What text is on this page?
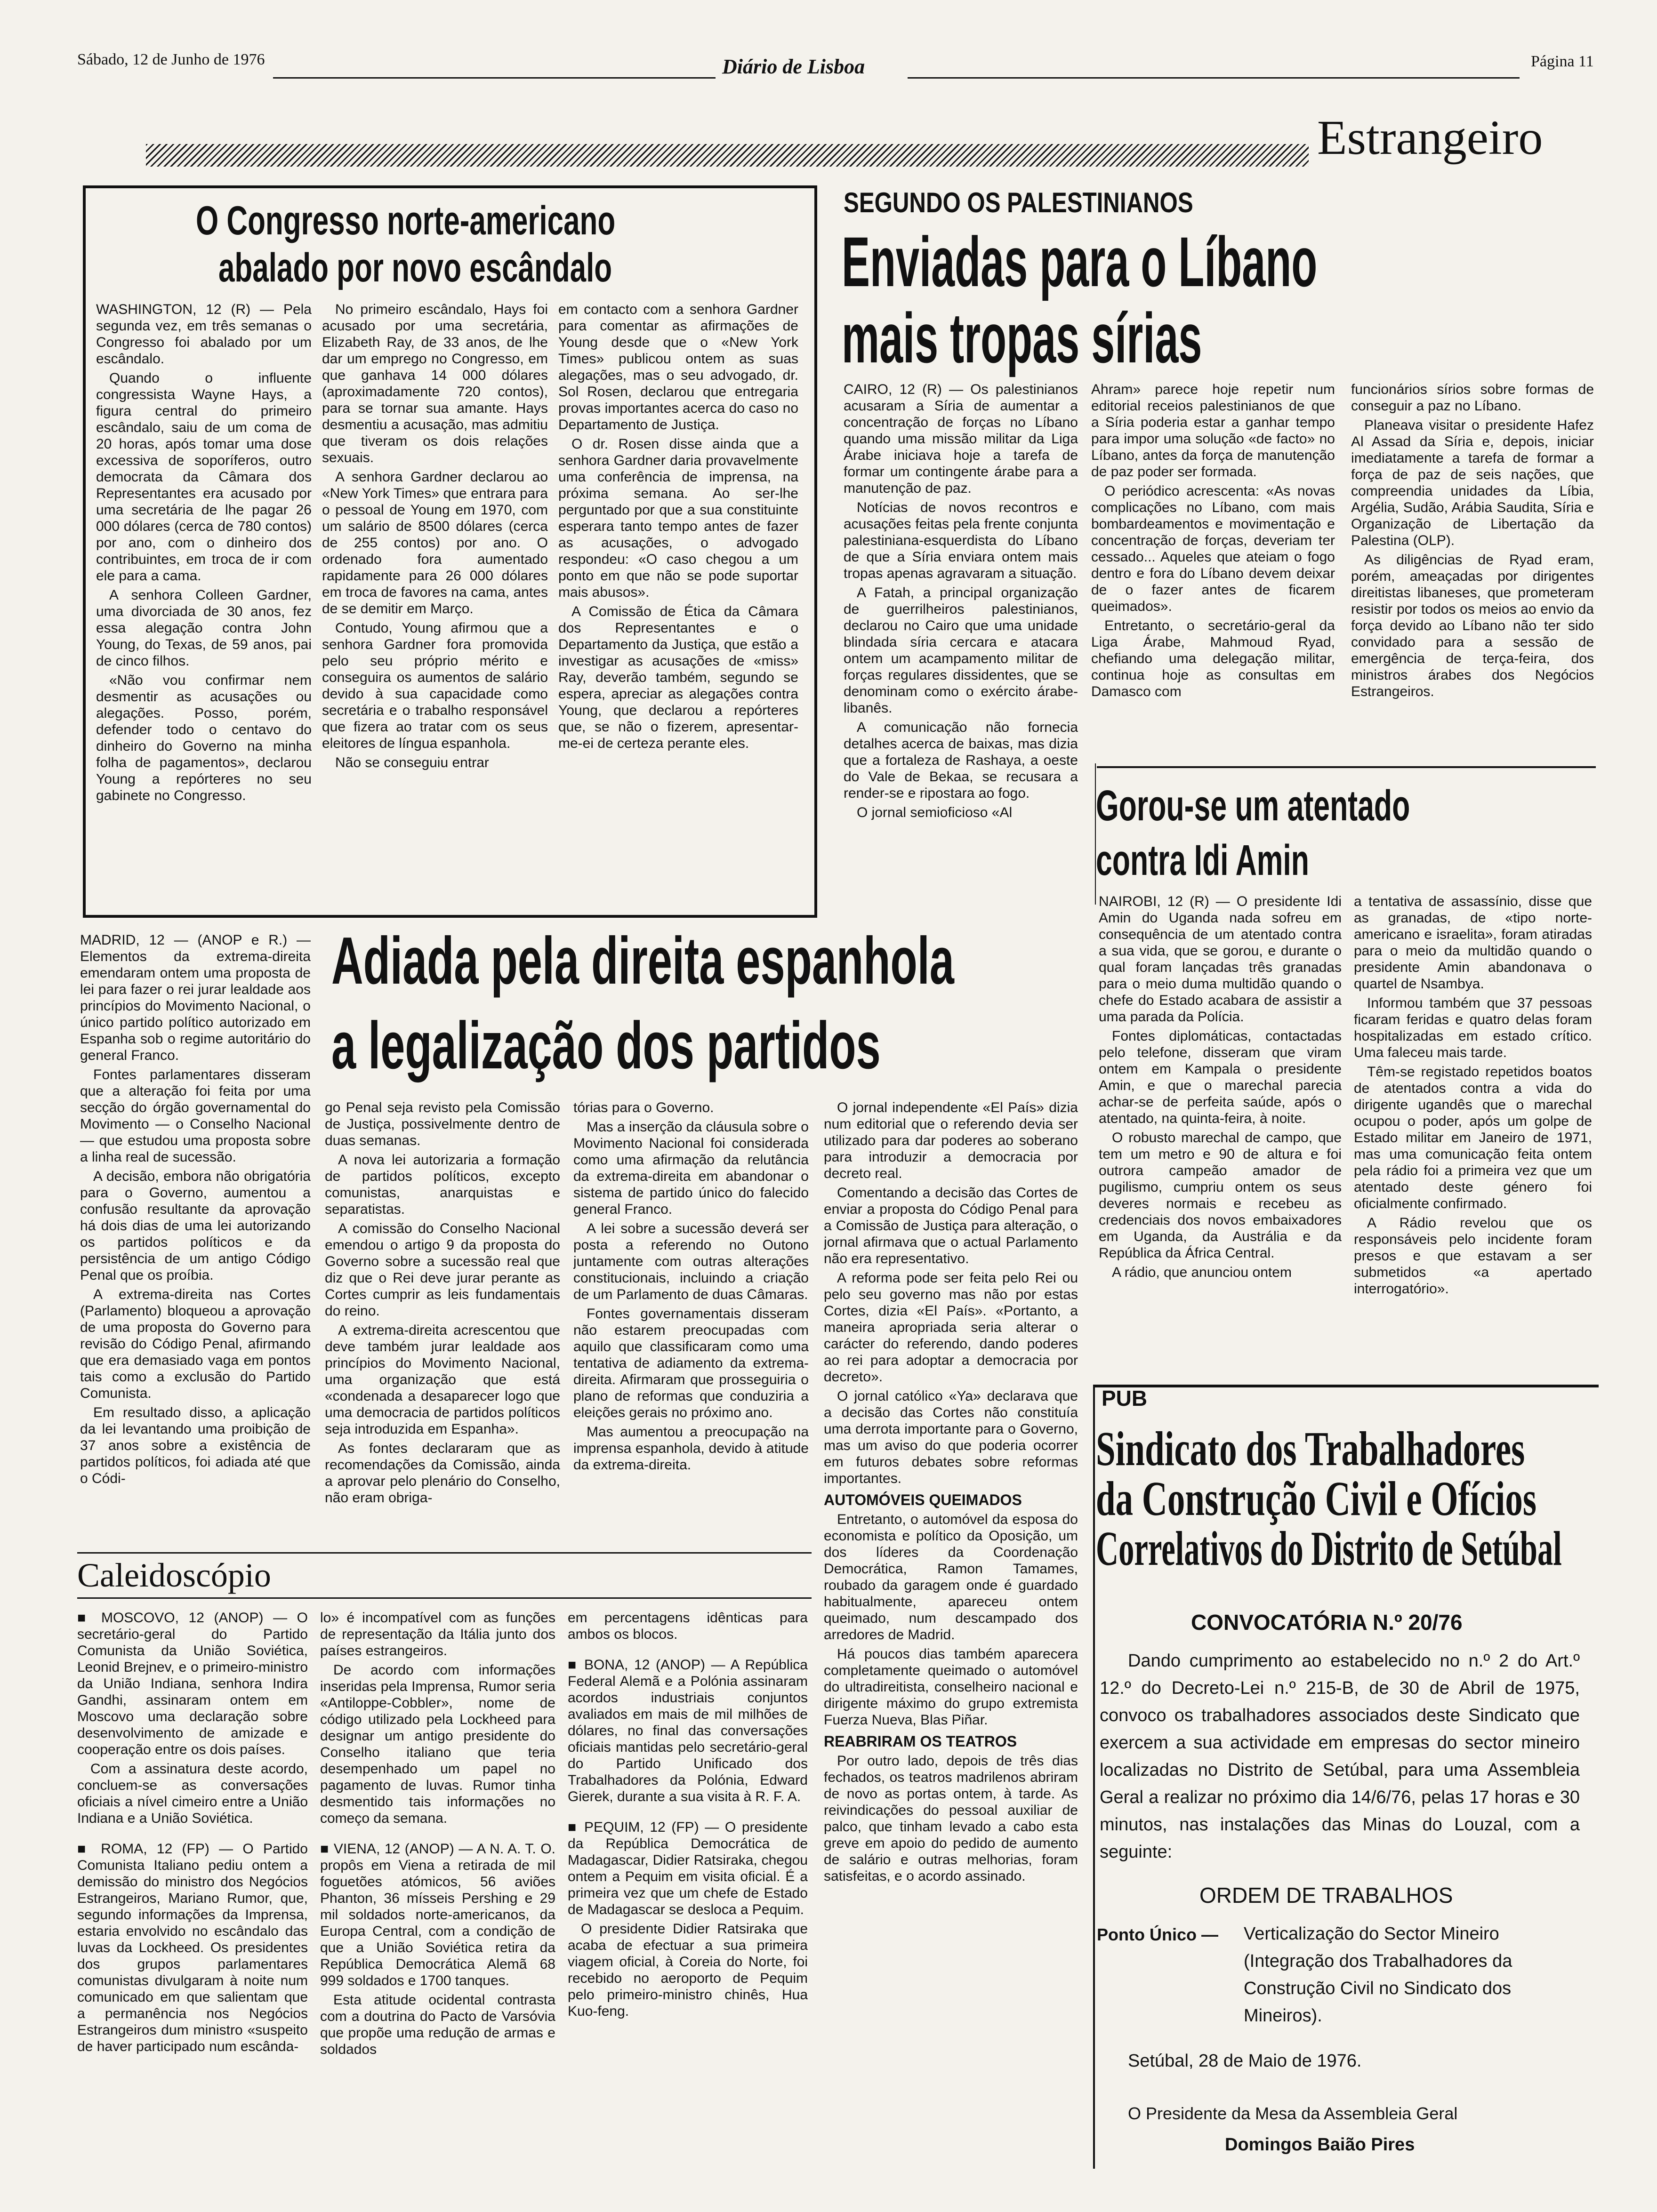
Sábado, 12 de Junho de 1976	Diário de Lisboa	Página 11
Estrangeiro
O Congresso norte-americano
abalado por novo escândalo

WASHINGTON, 12 (R) — Pela segunda vez, em três semanas o Congresso foi abalado por um escândalo.

Quando o influente congressista Wayne Hays, a figura central do primeiro escândalo, saiu de um coma de 20 horas, após tomar uma dose excessiva de soporíferos, outro democrata da Câmara dos Representantes era acusado por uma secretária de lhe pagar 26 000 dólares (cerca de 780 contos) por ano, com o dinheiro dos contribuintes, em troca de ir com ele para a cama.

A senhora Colleen Gardner, uma divorciada de 30 anos, fez essa alegação contra John Young, do Texas, de 59 anos, pai de cinco filhos.

«Não vou confirmar nem desmentir as acusações ou alegações. Posso, porém, defender todo o centavo do dinheiro do Governo na minha folha de pagamentos», declarou Young a repórteres no seu gabinete no Congresso.

No primeiro escândalo, Hays foi acusado por uma secretária, Elizabeth Ray, de 33 anos, de lhe dar um emprego no Congresso, em que ganhava 14 000 dólares (aproximadamente 720 contos), para se tornar sua amante. Hays desmentiu a acusação, mas admitiu que tiveram os dois relações sexuais.

A senhora Gardner declarou ao «New York Times» que entrara para o pessoal de Young em 1970, com um salário de 8500 dólares (cerca de 255 contos) por ano. O ordenado fora aumentado rapidamente para 26 000 dólares em troca de favores na cama, antes de se demitir em Março.

Contudo, Young afirmou que a senhora Gardner fora promovida pelo seu próprio mérito e conseguira os aumentos de salário devido à sua capacidade como secretária e o trabalho responsável que fizera ao tratar com os seus eleitores de língua espanhola.

Não se conseguiu entrar

em contacto com a senhora Gardner para comentar as afirmações de Young desde que o «New York Times» publicou ontem as suas alegações, mas o seu advogado, dr. Sol Rosen, declarou que entregaria provas importantes acerca do caso no Departamento de Justiça.

O dr. Rosen disse ainda que a senhora Gardner daria provavelmente uma conferência de imprensa, na próxima semana. Ao ser-lhe perguntado por que a sua constituinte esperara tanto tempo antes de fazer as acusações, o advogado respondeu: «O caso chegou a um ponto em que não se pode suportar mais abusos».

A Comissão de Ética da Câmara dos Representantes e o Departamento da Justiça, que estão a investigar as acusações de «miss» Ray, deverão também, segundo se espera, apreciar as alegações contra Young, que declarou a repórteres que, se não o fizerem, apresentar-me-ei de certeza perante eles.

SEGUNDO OS PALESTINIANOS
Enviadas para o Líbano
mais tropas sírias

CAIRO, 12 (R) — Os palestinianos acusaram a Síria de aumentar a concentração de forças no Líbano quando uma missão militar da Liga Árabe iniciava hoje a tarefa de formar um contingente árabe para a manutenção de paz.

Notícias de novos recontros e acusações feitas pela frente conjunta palestiniana-esquerdista do Líbano de que a Síria enviara ontem mais tropas apenas agravaram a situação.

A Fatah, a principal organização de guerrilheiros palestinianos, declarou no Cairo que uma unidade blindada síria cercara e atacara ontem um acampamento militar de forças regulares dissidentes, que se denominam como o exército árabe-libanês.

A comunicação não fornecia detalhes acerca de baixas, mas dizia que a fortaleza de Rashaya, a oeste do Vale de Bekaa, se recusara a render-se e ripostara ao fogo.

O jornal semioficioso «Al

Ahram» parece hoje repetir num editorial receios palestinianos de que a Síria poderia estar a ganhar tempo para impor uma solução «de facto» no Líbano, antes da força de manutenção de paz poder ser formada.

O periódico acrescenta: «As novas complicações no Líbano, com mais bombardeamentos e movimentação e concentração de forças, deveriam ter cessado... Aqueles que ateiam o fogo dentro e fora do Líbano devem deixar de o fazer antes de ficarem queimados».

Entretanto, o secretário-geral da Liga Árabe, Mahmoud Ryad, chefiando uma delegação militar, continua hoje as consultas em Damasco com

funcionários sírios sobre formas de conseguir a paz no Líbano.

Planeava visitar o presidente Hafez Al Assad da Síria e, depois, iniciar imediatamente a tarefa de formar a força de paz de seis nações, que compreendia unidades da Líbia, Argélia, Sudão, Arábia Saudita, Síria e Organização de Libertação da Palestina (OLP).

As diligências de Ryad eram, porém, ameaçadas por dirigentes direitistas libaneses, que prometeram resistir por todos os meios ao envio da força devido ao Líbano não ter sido convidado para a sessão de emergência de terça-feira, dos ministros árabes dos Negócios Estrangeiros.

Gorou-se um atentado
contra Idi Amin

NAIROBI, 12 (R) — O presidente Idi Amin do Uganda nada sofreu em consequência de um atentado contra a sua vida, que se gorou, e durante o qual foram lançadas três granadas para o meio duma multidão quando o chefe do Estado acabara de assistir a uma parada da Polícia.

Fontes diplomáticas, contactadas pelo telefone, disseram que viram ontem em Kampala o presidente Amin, e que o marechal parecia achar-se de perfeita saúde, após o atentado, na quinta-feira, à noite.

O robusto marechal de campo, que tem um metro e 90 de altura e foi outrora campeão amador de pugilismo, cumpriu ontem os seus deveres normais e recebeu as credenciais dos novos embaixadores em Uganda, da Austrália e da República da África Central.

A rádio, que anunciou ontem

a tentativa de assassínio, disse que as granadas, de «tipo norte-americano e israelita», foram atiradas para o meio da multidão quando o presidente Amin abandonava o quartel de Nsambya.

Informou também que 37 pessoas ficaram feridas e quatro delas foram hospitalizadas em estado crítico. Uma faleceu mais tarde.

Têm-se registado repetidos boatos de atentados contra a vida do dirigente ugandês que o marechal ocupou o poder, após um golpe de Estado militar em Janeiro de 1971, mas uma comunicação feita ontem pela rádio foi a primeira vez que um atentado deste género foi oficialmente confirmado.

A Rádio revelou que os responsáveis pelo incidente foram presos e que estavam a ser submetidos «a apertado interrogatório».

Adiada pela direita espanhola
a legalização dos partidos

MADRID, 12 — (ANOP e R.) — Elementos da extrema-direita emendaram ontem uma proposta de lei para fazer o rei jurar lealdade aos princípios do Movimento Nacional, o único partido político autorizado em Espanha sob o regime autoritário do general Franco.

Fontes parlamentares disseram que a alteração foi feita por uma secção do órgão governamental do Movimento — o Conselho Nacional — que estudou uma proposta sobre a linha real de sucessão.

A decisão, embora não obrigatória para o Governo, aumentou a confusão resultante da aprovação há dois dias de uma lei autorizando os partidos políticos e da persistência de um antigo Código Penal que os proíbia.

A extrema-direita nas Cortes (Parlamento) bloqueou a aprovação de uma proposta do Governo para revisão do Código Penal, afirmando que era demasiado vaga em pontos tais como a exclusão do Partido Comunista.

Em resultado disso, a aplicação da lei levantando uma proibição de 37 anos sobre a existência de partidos políticos, foi adiada até que o Códi-

go Penal seja revisto pela Comissão de Justiça, possivelmente dentro de duas semanas.

A nova lei autorizaria a formação de partidos políticos, excepto comunistas, anarquistas e separatistas.

A comissão do Conselho Nacional emendou o artigo 9 da proposta do Governo sobre a sucessão real que diz que o Rei deve jurar perante as Cortes cumprir as leis fundamentais do reino.

A extrema-direita acrescentou que deve também jurar lealdade aos princípios do Movimento Nacional, uma organização que está «condenada a desaparecer logo que uma democracia de partidos políticos seja introduzida em Espanha».

As fontes declararam que as recomendações da Comissão, ainda a aprovar pelo plenário do Conselho, não eram obriga-

tórias para o Governo.

Mas a inserção da cláusula sobre o Movimento Nacional foi considerada como uma afirmação da relutância da extrema-direita em abandonar o sistema de partido único do falecido general Franco.

A lei sobre a sucessão deverá ser posta a referendo no Outono juntamente com outras alterações constitucionais, incluindo a criação de um Parlamento de duas Câmaras.

Fontes governamentais disseram não estarem preocupadas com aquilo que classificaram como uma tentativa de adiamento da extrema-direita. Afirmaram que prosseguiria o plano de reformas que conduziria a eleições gerais no próximo ano.

Mas aumentou a preocupação na imprensa espanhola, devido à atitude da extrema-direita.

O jornal independente «El País» dizia num editorial que o referendo devia ser utilizado para dar poderes ao soberano para introduzir a democracia por decreto real.

Comentando a decisão das Cortes de enviar a proposta do Código Penal para a Comissão de Justiça para alteração, o jornal afirmava que o actual Parlamento não era representativo.

A reforma pode ser feita pelo Rei ou pelo seu governo mas não por estas Cortes, dizia «El País». «Portanto, a maneira apropriada seria alterar o carácter do referendo, dando poderes ao rei para adoptar a democracia por decreto».

O jornal católico «Ya» declarava que a decisão das Cortes não constituía uma derrota importante para o Governo, mas um aviso do que poderia ocorrer em futuros debates sobre reformas importantes.

AUTOMÓVEIS QUEIMADOS

Entretanto, o automóvel da esposa do economista e político da Oposição, um dos líderes da Coordenação Democrática, Ramon Tamames, roubado da garagem onde é guardado habitualmente, apareceu ontem queimado, num descampado dos arredores de Madrid.

Há poucos dias também aparecera completamente queimado o automóvel do ultradireitista, conselheiro nacional e dirigente máximo do grupo extremista Fuerza Nueva, Blas Piñar.

REABRIRAM OS TEATROS

Por outro lado, depois de três dias fechados, os teatros madrilenos abriram de novo as portas ontem, à tarde. As reivindicações do pessoal auxiliar de palco, que tinham levado a cabo esta greve em apoio do pedido de aumento de salário e outras melhorias, foram satisfeitas, e o acordo assinado.

Caleidoscópio

■ MOSCOVO, 12 (ANOP) — O secretário-geral do Partido Comunista da União Soviética, Leonid Brejnev, e o primeiro-ministro da União Indiana, senhora Indira Gandhi, assinaram ontem em Moscovo uma declaração sobre desenvolvimento de amizade e cooperação entre os dois países.

Com a assinatura deste acordo, concluem-se as conversações oficiais a nível cimeiro entre a União Indiana e a União Soviética.

■ ROMA, 12 (FP) — O Partido Comunista Italiano pediu ontem a demissão do ministro dos Negócios Estrangeiros, Mariano Rumor, que, segundo informações da Imprensa, estaria envolvido no escândalo das luvas da Lockheed. Os presidentes dos grupos parlamentares comunistas divulgaram à noite num comunicado em que salientam que a permanência nos Negócios Estrangeiros dum ministro «suspeito de haver participado num escânda-

lo» é incompatível com as funções de representação da Itália junto dos países estrangeiros.

De acordo com informações inseridas pela Imprensa, Rumor seria «Antiloppe-Cobbler», nome de código utilizado pela Lockheed para designar um antigo presidente do Conselho italiano que teria desempenhado um papel no pagamento de luvas. Rumor tinha desmentido tais informações no começo da semana.

■ VIENA, 12 (ANOP) — A N. A. T. O. propôs em Viena a retirada de mil foguetões atómicos, 56 aviões Phanton, 36 mísseis Pershing e 29 mil soldados norte-americanos, da Europa Central, com a condição de que a União Soviética retira da República Democrática Alemã 68 999 soldados e 1700 tanques.

Esta atitude ocidental contrasta com a doutrina do Pacto de Varsóvia que propõe uma redução de armas e soldados

em percentagens idênticas para ambos os blocos.

■ BONA, 12 (ANOP) — A República Federal Alemã e a Polónia assinaram acordos industriais conjuntos avaliados em mais de mil milhões de dólares, no final das conversações oficiais mantidas pelo secretário-geral do Partido Unificado dos Trabalhadores da Polónia, Edward Gierek, durante a sua visita à R. F. A.

■ PEQUIM, 12 (FP) — O presidente da República Democrática de Madagascar, Didier Ratsiraka, chegou ontem a Pequim em visita oficial. É a primeira vez que um chefe de Estado de Madagascar se desloca a Pequim.

O presidente Didier Ratsiraka que acaba de efectuar a sua primeira viagem oficial, à Coreia do Norte, foi recebido no aeroporto de Pequim pelo primeiro-ministro chinês, Hua Kuo-feng.

PUB
Sindicato dos Trabalhadores
da Construção Civil e Ofícios
Correlativos do Distrito de Setúbal
CONVOCATÓRIA N.º 20/76
Dando cumprimento ao estabelecido no n.º 2 do Art.º 12.º do Decreto-Lei n.º 215-B, de 30 de Abril de 1975, convoco os trabalhadores associados deste Sindicato que exercem a sua actividade em empresas do sector mineiro localizadas no Distrito de Setúbal, para uma Assembleia Geral a realizar no próximo dia 14/6/76, pelas 17 horas e 30 minutos, nas instalações das Minas do Louzal, com a seguinte:
ORDEM DE TRABALHOS
Ponto Único — Verticalização do Sector Mineiro (Integração dos Trabalhadores da Construção Civil no Sindicato dos Mineiros).
Setúbal, 28 de Maio de 1976.
O Presidente da Mesa da Assembleia Geral
Domingos Baião Pires
